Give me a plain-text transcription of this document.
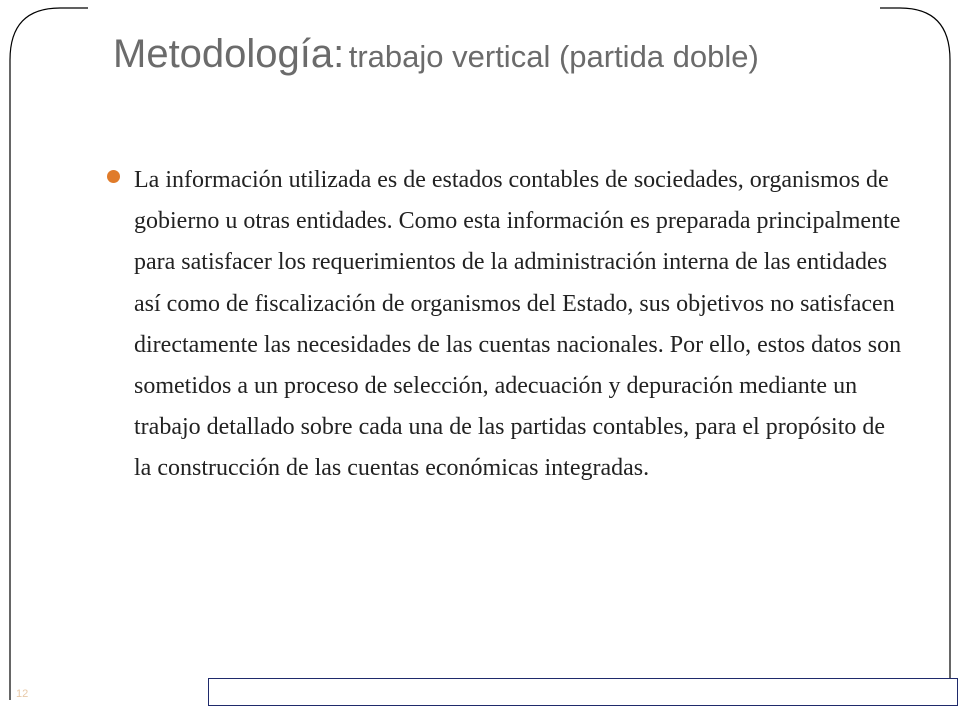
Metodología: trabajo vertical (partida doble)
La información utilizada es de estados contables de sociedades, organismos de gobierno u otras entidades. Como esta información es preparada principalmente para satisfacer los requerimientos de la administración interna de las entidades así como de fiscalización de organismos del Estado, sus objetivos no satisfacen directamente las necesidades de las cuentas nacionales. Por ello, estos datos son sometidos a un proceso de selección, adecuación y depuración mediante un trabajo detallado sobre cada una de las partidas contables, para el propósito de la construcción de las cuentas económicas integradas.
12
